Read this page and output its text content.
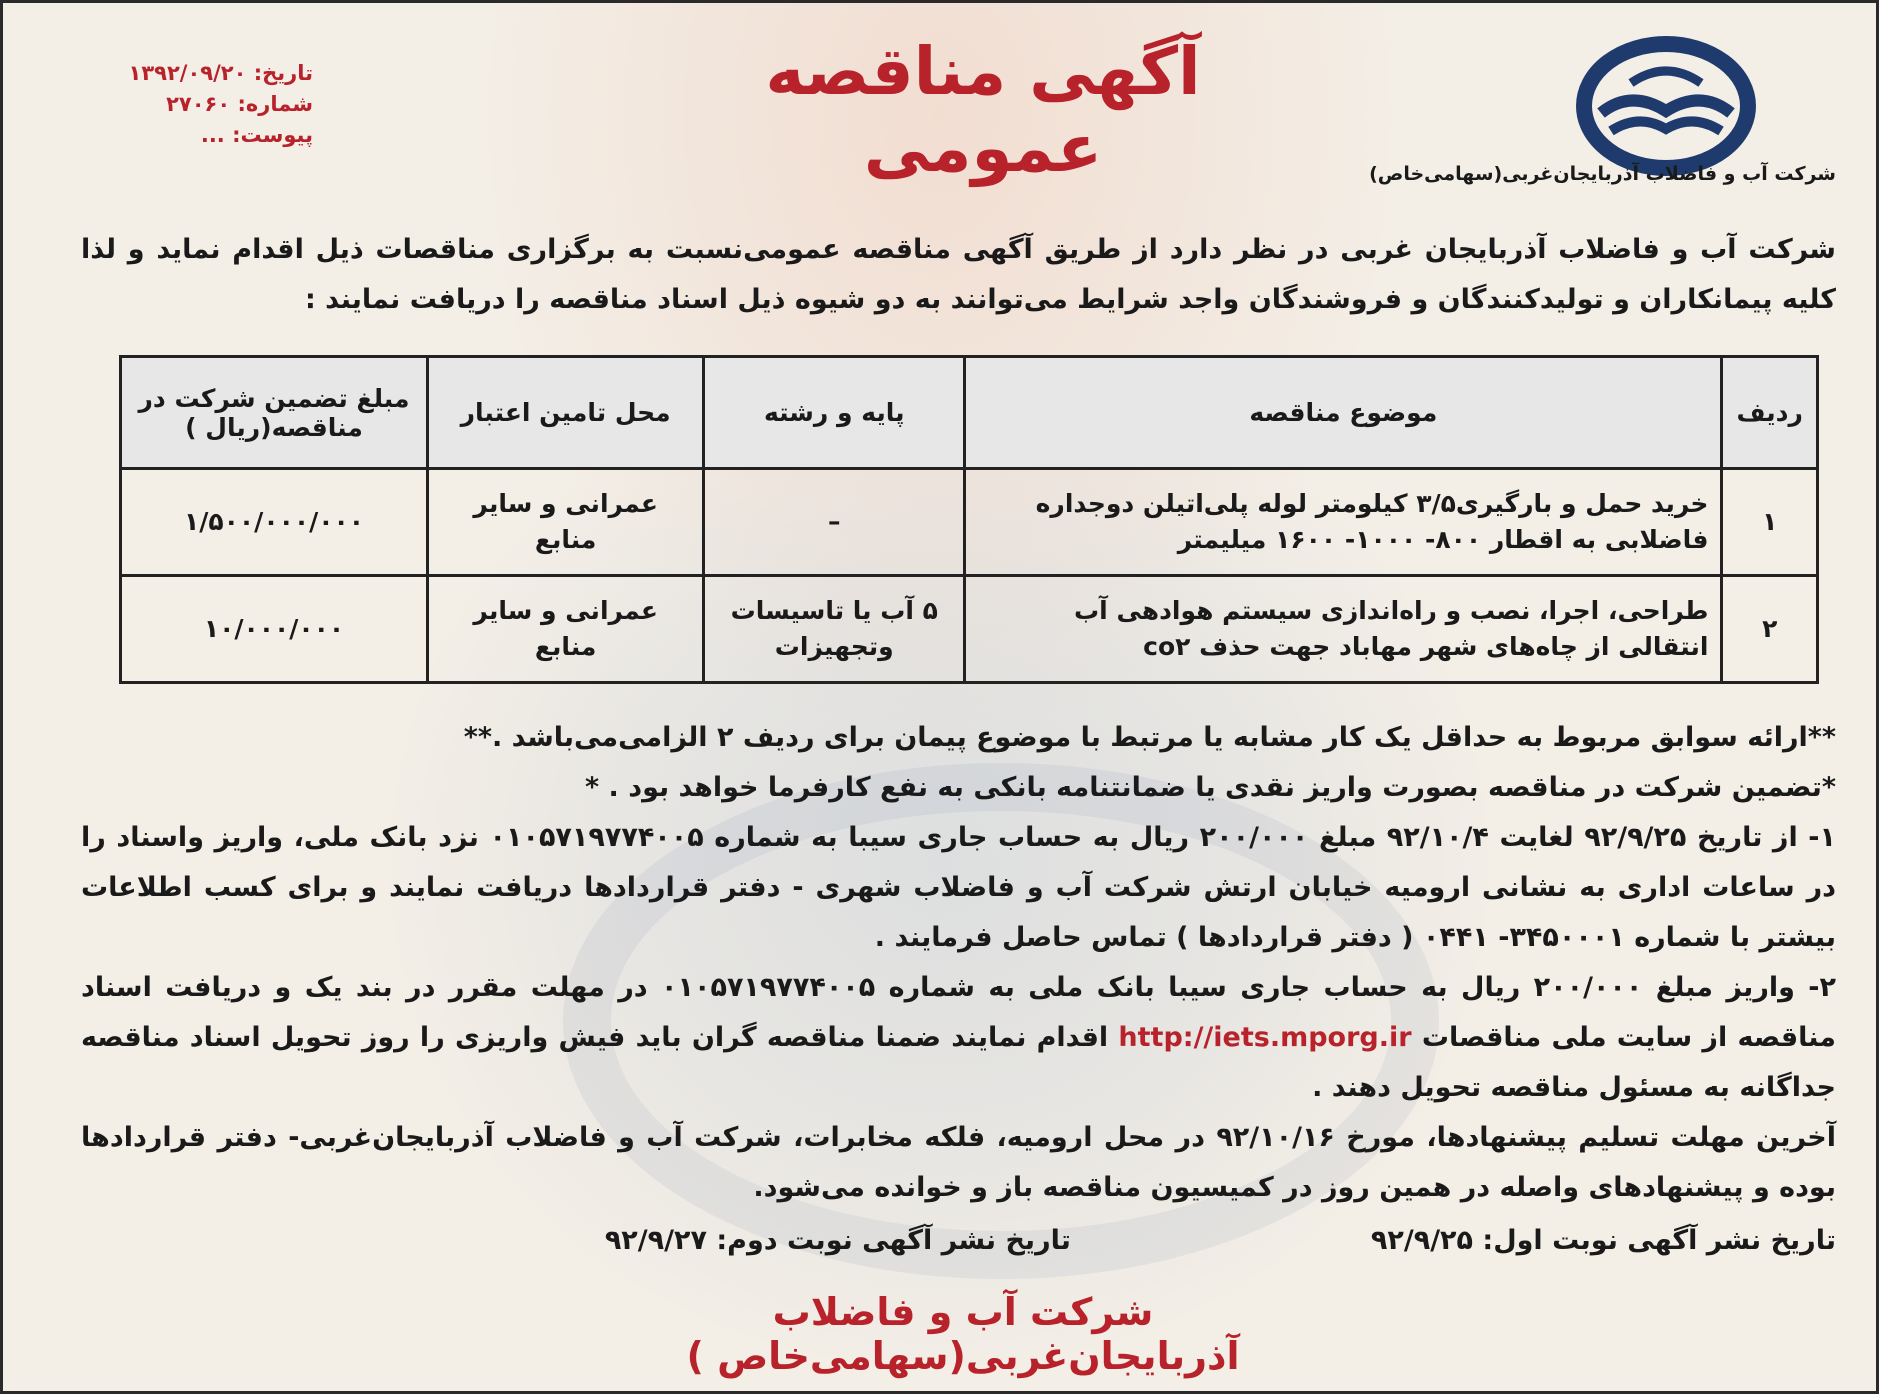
شرکت آب و فاضلاب آذربایجان‌غربی(سهامی‌خاص)
آگهی مناقصه عمومی
تاریخ: ۱۳۹۲/۰۹/۲۰
شماره: ۲۷۰۶۰
پیوست: ...
شرکت آب و فاضلاب آذربایجان غربی در نظر دارد از طریق آگهی مناقصه عمومی‌نسبت به برگزاری مناقصات ذیل اقدام نماید و لذا کلیه پیمانکاران و تولیدکنندگان و فروشندگان واجد شرایط می‌توانند به دو شیوه ذیل اسناد مناقصه را دریافت نمایند :
ردیف	موضوع مناقصه	پایه و رشته	محل تامین اعتبار	مبلغ تضمین شرکت در مناقصه(ریال )
۱	خرید حمل و بارگیری۳/۵ کیلومتر لوله پلی‌اتیلن دوجداره فاضلابی به اقطار ۸۰۰- ۱۰۰۰- ۱۶۰۰ میلیمتر	–	عمرانی و سایر منابع	۱/۵۰۰/۰۰۰/۰۰۰
۲	طراحی، اجرا، نصب و راه‌اندازی سیستم هوادهی آب انتقالی از چاه‌های شهر مهاباد جهت حذف co۲	۵ آب یا تاسیسات وتجهیزات	عمرانی و سایر منابع	۱۰/۰۰۰/۰۰۰

**ارائه سوابق مربوط به حداقل یک کار مشابه یا مرتبط با موضوع پیمان برای ردیف ۲ الزامی‌می‌باشد .**

*تضمین شرکت در مناقصه بصورت واریز نقدی یا ضمانتنامه بانکی به نفع کارفرما خواهد بود . *

۱- از تاریخ ۹۲/۹/۲۵ لغایت ۹۲/۱۰/۴ مبلغ ۲۰۰/۰۰۰ ریال به حساب جاری سیبا به شماره ۰۱۰۵۷۱۹۷۷۴۰۰۵ نزد بانک ملی، واریز واسناد را در ساعات اداری به نشانی ارومیه خیابان ارتش شرکت آب و فاضلاب شهری - دفتر قراردادها دریافت نمایند و برای کسب اطلاعات بیشتر با شماره ۳۴۵۰۰۰۱- ۰۴۴۱ ( دفتر قراردادها ) تماس حاصل فرمایند .

۲- واریز مبلغ ۲۰۰/۰۰۰ ریال به حساب جاری سیبا بانک ملی به شماره ۰۱۰۵۷۱۹۷۷۴۰۰۵ در مهلت مقرر در بند یک و دریافت اسناد مناقصه از سایت ملی مناقصات http://iets.mporg.ir اقدام نمایند ضمنا مناقصه گران باید فیش واریزی را روز تحویل اسناد مناقصه جداگانه به مسئول مناقصه تحویل دهند .

آخرین مهلت تسلیم پیشنهادها، مورخ ۹۲/۱۰/۱۶ در محل ارومیه، فلکه مخابرات، شرکت آب و فاضلاب آذربایجان‌غربی- دفتر قراردادها بوده و پیشنهادهای واصله در همین روز در کمیسیون مناقصه باز و خوانده می‌شود.

تاریخ نشر آگهی نوبت اول: ۹۲/۹/۲۵
تاریخ نشر آگهی نوبت دوم: ۹۲/۹/۲۷
شرکت آب و فاضلاب آذربایجان‌غربی(سهامی‌خاص )
